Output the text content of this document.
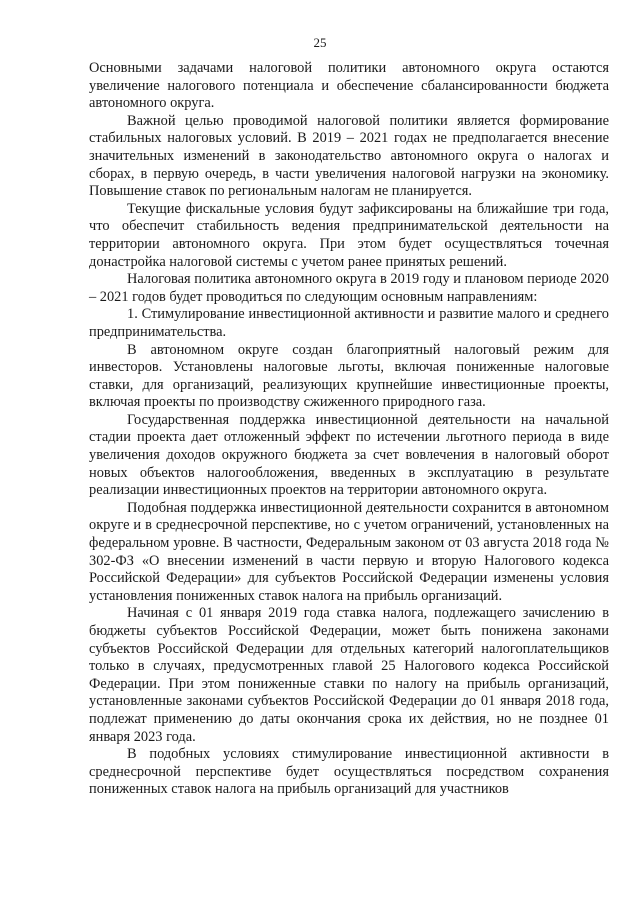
25

Основными задачами налоговой политики автономного округа остаются увеличение налогового потенциала и обеспечение сбалансированности бюджета автономного округа.

Важной целью проводимой налоговой политики является формирование стабильных налоговых условий. В 2019 – 2021 годах не предполагается внесение значительных изменений в законодательство автономного округа о налогах и сборах, в первую очередь, в части увеличения налоговой нагрузки на экономику. Повышение ставок по региональным налогам не планируется.

Текущие фискальные условия будут зафиксированы на ближайшие три года, что обеспечит стабильность ведения предпринимательской деятельности на территории автономного округа. При этом будет осуществляться точечная донастройка налоговой системы с учетом ранее принятых решений.

Налоговая политика автономного округа в 2019 году и плановом периоде 2020 – 2021 годов будет проводиться по следующим основным направлениям:

1. Стимулирование инвестиционной активности и развитие малого и среднего предпринимательства.

В автономном округе создан благоприятный налоговый режим для инвесторов. Установлены налоговые льготы, включая пониженные налоговые ставки, для организаций, реализующих крупнейшие инвестиционные проекты, включая проекты по производству сжиженного природного газа.

Государственная поддержка инвестиционной деятельности на начальной стадии проекта дает отложенный эффект по истечении льготного периода в виде увеличения доходов окружного бюджета за счет вовлечения в налоговый оборот новых объектов налогообложения, введенных в эксплуатацию в результате реализации инвестиционных проектов на территории автономного округа.

Подобная поддержка инвестиционной деятельности сохранится в автономном округе и в среднесрочной перспективе, но с учетом ограничений, установленных на федеральном уровне. В частности, Федеральным законом от 03 августа 2018 года № 302-ФЗ «О внесении изменений в части первую и вторую Налогового кодекса Российской Федерации» для субъектов Российской Федерации изменены условия установления пониженных ставок налога на прибыль организаций.

Начиная с 01 января 2019 года ставка налога, подлежащего зачислению в бюджеты субъектов Российской Федерации, может быть понижена законами субъектов Российской Федерации для отдельных категорий налогоплательщиков только в случаях, предусмотренных главой 25 Налогового кодекса Российской Федерации. При этом пониженные ставки по налогу на прибыль организаций, установленные законами субъектов Российской Федерации до 01 января 2018 года, подлежат применению до даты окончания срока их действия, но не позднее 01 января 2023 года.

В подобных условиях стимулирование инвестиционной активности в среднесрочной перспективе будет осуществляться посредством сохранения пониженных ставок налога на прибыль организаций для участников
